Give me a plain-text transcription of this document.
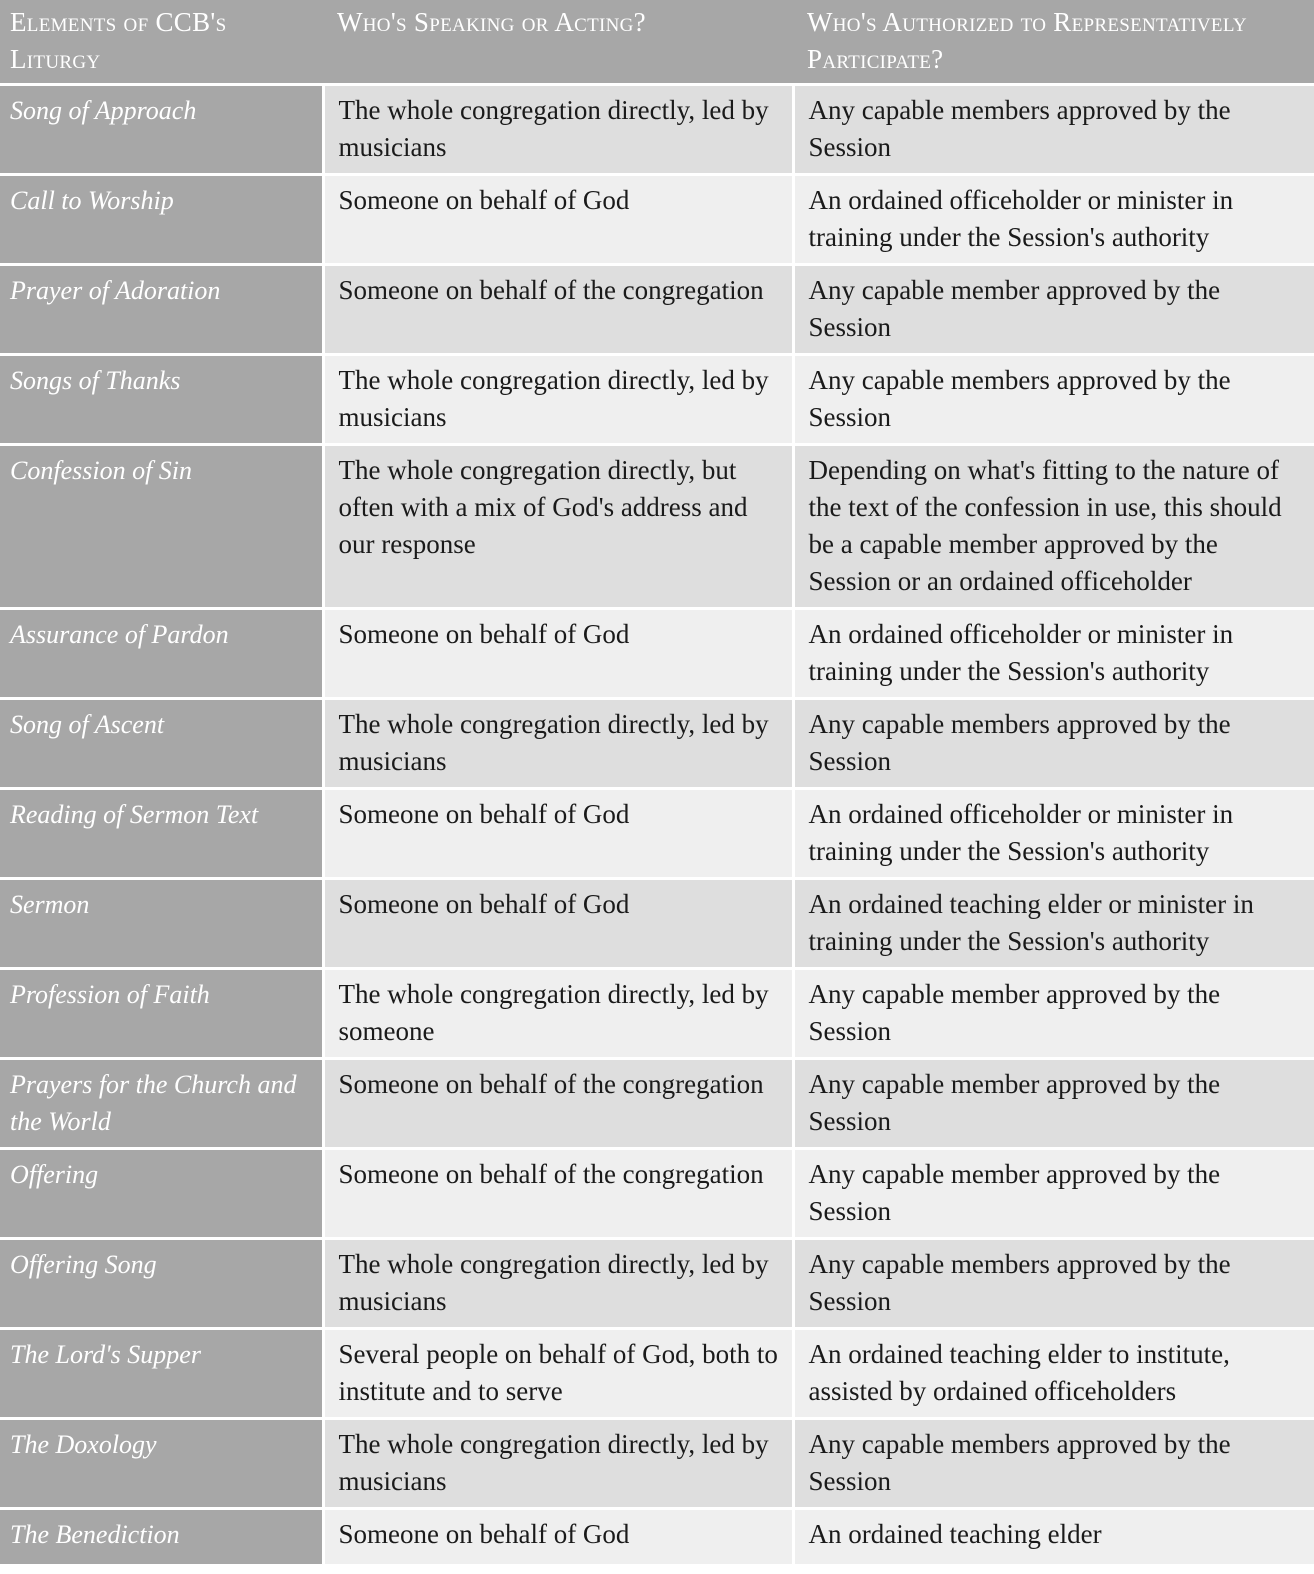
Elements of CCB's Liturgy	Who's Speaking or Acting?	Who's Authorized to Representatively Participate?
Song of Approach	The whole congregation directly, led by musicians	Any capable members approved by the Session
Call to Worship	Someone on behalf of God	An ordained officeholder or minister in training under the Session's authority
Prayer of Adoration	Someone on behalf of the congregation	Any capable member approved by the Session
Songs of Thanks	The whole congregation directly, led by musicians	Any capable members approved by the Session
Confession of Sin	The whole congregation directly, but often with a mix of God's address and our response	Depending on what's fitting to the nature of the text of the confession in use, this should be a capable member approved by the Session or an ordained officeholder
Assurance of Pardon	Someone on behalf of God	An ordained officeholder or minister in training under the Session's authority
Song of Ascent	The whole congregation directly, led by musicians	Any capable members approved by the Session
Reading of Sermon Text	Someone on behalf of God	An ordained officeholder or minister in training under the Session's authority
Sermon	Someone on behalf of God	An ordained teaching elder or minister in training under the Session's authority
Profession of Faith	The whole congregation directly, led by someone	Any capable member approved by the Session
Prayers for the Church and the World	Someone on behalf of the congregation	Any capable member approved by the Session
Offering	Someone on behalf of the congregation	Any capable member approved by the Session
Offering Song	The whole congregation directly, led by musicians	Any capable members approved by the Session
The Lord's Supper	Several people on behalf of God, both to institute and to serve	An ordained teaching elder to institute, assisted by ordained officeholders
The Doxology	The whole congregation directly, led by musicians	Any capable members approved by the Session
The Benediction	Someone on behalf of God	An ordained teaching elder
